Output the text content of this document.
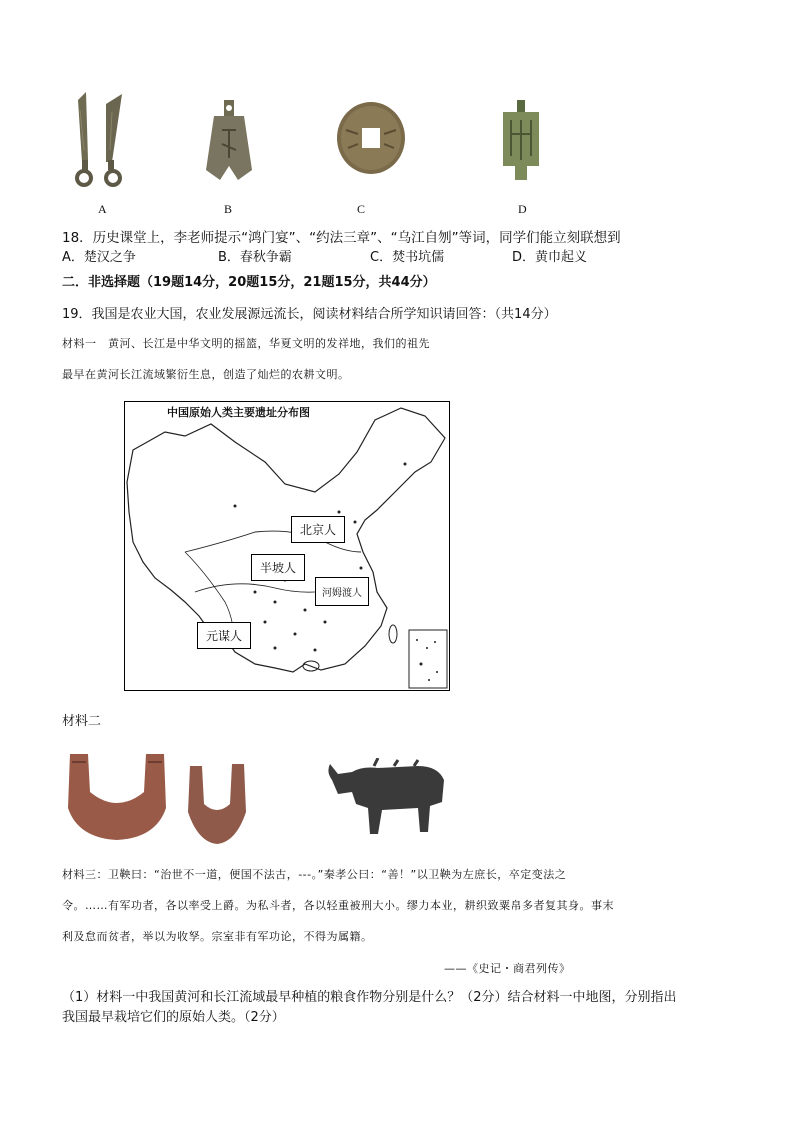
A	B	C	D
18．历史课堂上，李老师提示“鸿门宴”、“约法三章”、“乌江自刎”等词，同学们能立刻联想到
A．楚汉之争	B．春秋争霸	C．焚书坑儒	D．黄巾起义
二．非选择题（19题14分，20题15分，21题15分，共44分）
19．我国是农业大国，农业发展源远流长，阅读材料结合所学知识请回答：（共14分）
材料一　黄河、长江是中华文明的摇篮，华夏文明的发祥地，我们的祖先
最早在黄河长江流域繁衍生息，创造了灿烂的农耕文明。
中国原始人类主要遗址分布图
北京人
半坡人
河姆渡人
元谋人
材料二
材料三：卫鞅曰：“治世不一道，便国不法古，---。”秦孝公曰：“善！”以卫鞅为左庶长，卒定变法之
令。……有军功者，各以率受上爵。为私斗者，各以轻重被刑大小。缪力本业，耕织致粟帛多者复其身。事末
利及怠而贫者，举以为收孥。宗室非有军功论，不得为属籍。
——《史记・商君列传》
（1）材料一中我国黄河和长江流域最早种植的粮食作物分别是什么？（2分）结合材料一中地图，分别指出
我国最早栽培它们的原始人类。（2分）
